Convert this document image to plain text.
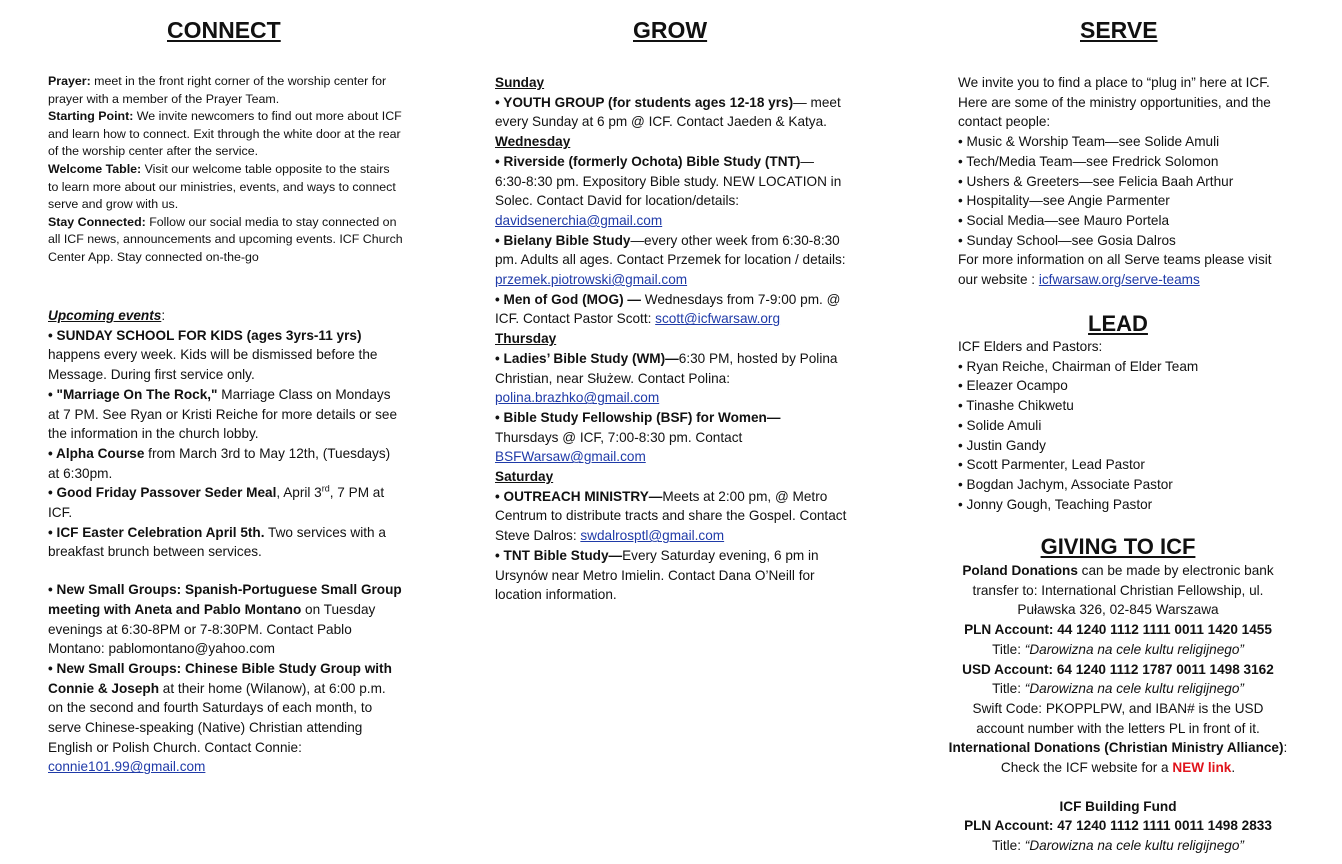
CONNECT

Prayer: meet in the front right corner of the worship center for prayer with a member of the Prayer Team.

Starting Point: We invite newcomers to find out more about ICF and learn how to connect. Exit through the white door at the rear of the worship center after the service.

Welcome Table: Visit our welcome table opposite to the stairs to learn more about our ministries, events, and ways to connect serve and grow with us.

Stay Connected: Follow our social media to stay connected on all ICF news, announcements and upcoming events. ICF Church Center App. Stay connected on-the-go

Upcoming events:

• SUNDAY SCHOOL FOR KIDS (ages 3yrs-11 yrs) happens every week. Kids will be dismissed before the Message. During first service only.

• "Marriage On The Rock," Marriage Class on Mondays at 7 PM. See Ryan or Kristi Reiche for more details or see the information in the church lobby.

• Alpha Course from March 3rd to May 12th, (Tuesdays) at 6:30pm.

• Good Friday Passover Seder Meal, April 3rd, 7 PM at ICF.

• ICF Easter Celebration April 5th. Two services with a breakfast brunch between services.

• New Small Groups: Spanish-Portuguese Small Group meeting with Aneta and Pablo Montano on Tuesday evenings at 6:30-8PM or 7-8:30PM. Contact Pablo Montano: pablomontano@yahoo.com

• New Small Groups: Chinese Bible Study Group with Connie & Joseph at their home (Wilanow), at 6:00 p.m. on the second and fourth Saturdays of each month, to serve Chinese-speaking (Native) Christian attending English or Polish Church. Contact Connie: connie101.99@gmail.com

GROW

Sunday

• YOUTH GROUP (for students ages 12-18 yrs)— meet every Sunday at 6 pm @ ICF. Contact Jaeden & Katya.

Wednesday

• Riverside (formerly Ochota) Bible Study (TNT)— 6:30-8:30 pm. Expository Bible study. NEW LOCATION in Solec. Contact David for location/details: davidsenerchia@gmail.com

• Bielany Bible Study—every other week from 6:30-8:30 pm. Adults all ages. Contact Przemek for location / details: przemek.piotrowski@gmail.com

• Men of God (MOG) — Wednesdays from 7-9:00 pm. @ ICF. Contact Pastor Scott: scott@icfwarsaw.org

Thursday

• Ladies’ Bible Study (WM)—6:30 PM, hosted by Polina Christian, near Służew. Contact Polina: polina.brazhko@gmail.com

• Bible Study Fellowship (BSF) for Women— Thursdays @ ICF, 7:00-8:30 pm. Contact BSFWarsaw@gmail.com

Saturday

• OUTREACH MINISTRY—Meets at 2:00 pm, @ Metro Centrum to distribute tracts and share the Gospel. Contact Steve Dalros: swdalrosptl@gmail.com

• TNT Bible Study—Every Saturday evening, 6 pm in Ursynów near Metro Imielin. Contact Dana O’Neill for location information.

SERVE

We invite you to find a place to “plug in” here at ICF. Here are some of the ministry opportunities, and the contact people:

• Music & Worship Team—see Solide Amuli

• Tech/Media Team—see Fredrick Solomon

• Ushers & Greeters—see Felicia Baah Arthur

• Hospitality—see Angie Parmenter

• Social Media—see Mauro Portela

• Sunday School—see Gosia Dalros

For more information on all Serve teams please visit our website : icfwarsaw.org/serve-teams

LEAD

ICF Elders and Pastors:

• Ryan Reiche, Chairman of Elder Team

• Eleazer Ocampo

• Tinashe Chikwetu

• Solide Amuli

• Justin Gandy

• Scott Parmenter, Lead Pastor

• Bogdan Jachym, Associate Pastor

• Jonny Gough, Teaching Pastor

GIVING TO ICF

Poland Donations can be made by electronic bank transfer to: International Christian Fellowship, ul. Puławska 326, 02-845 Warszawa

PLN Account: 44 1240 1112 1111 0011 1420 1455

Title: “Darowizna na cele kultu religijnego”

USD Account: 64 1240 1112 1787 0011 1498 3162

Title: “Darowizna na cele kultu religijnego”

Swift Code: PKOPPLPW, and IBAN# is the USD account number with the letters PL in front of it.

International Donations (Christian Ministry Alliance): Check the ICF website for a NEW link.

ICF Building Fund

PLN Account: 47 1240 1112 1111 0011 1498 2833

Title: “Darowizna na cele kultu religijnego”
